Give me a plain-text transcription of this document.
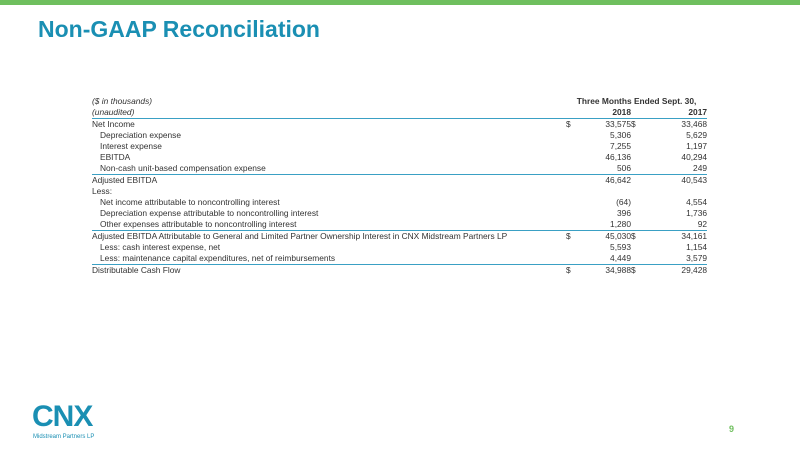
Non-GAAP Reconciliation
($ in thousands)	Three Months Ended Sept. 30,			
(unaudited)		2018		2017
Net Income	$	33,575	$	33,468
Depreciation expense		5,306		5,629
Interest expense		7,255		1,197
EBITDA		46,136		40,294
Non-cash unit-based compensation expense		506		249
Adjusted EBITDA		46,642		40,543
Less:				
Net income attributable to noncontrolling interest		(64)		4,554
Depreciation expense attributable to noncontrolling interest		396		1,736
Other expenses attributable to noncontrolling interest		1,280		92
Adjusted EBITDA Attributable to General and Limited Partner Ownership Interest in CNX Midstream Partners LP	$	45,030	$	34,161
Less: cash interest expense, net		5,593		1,154
Less: maintenance capital expenditures, net of reimbursements		4,449		3,579
Distributable Cash Flow	$	34,988	$	29,428
CNX
Midstream Partners LP
9
